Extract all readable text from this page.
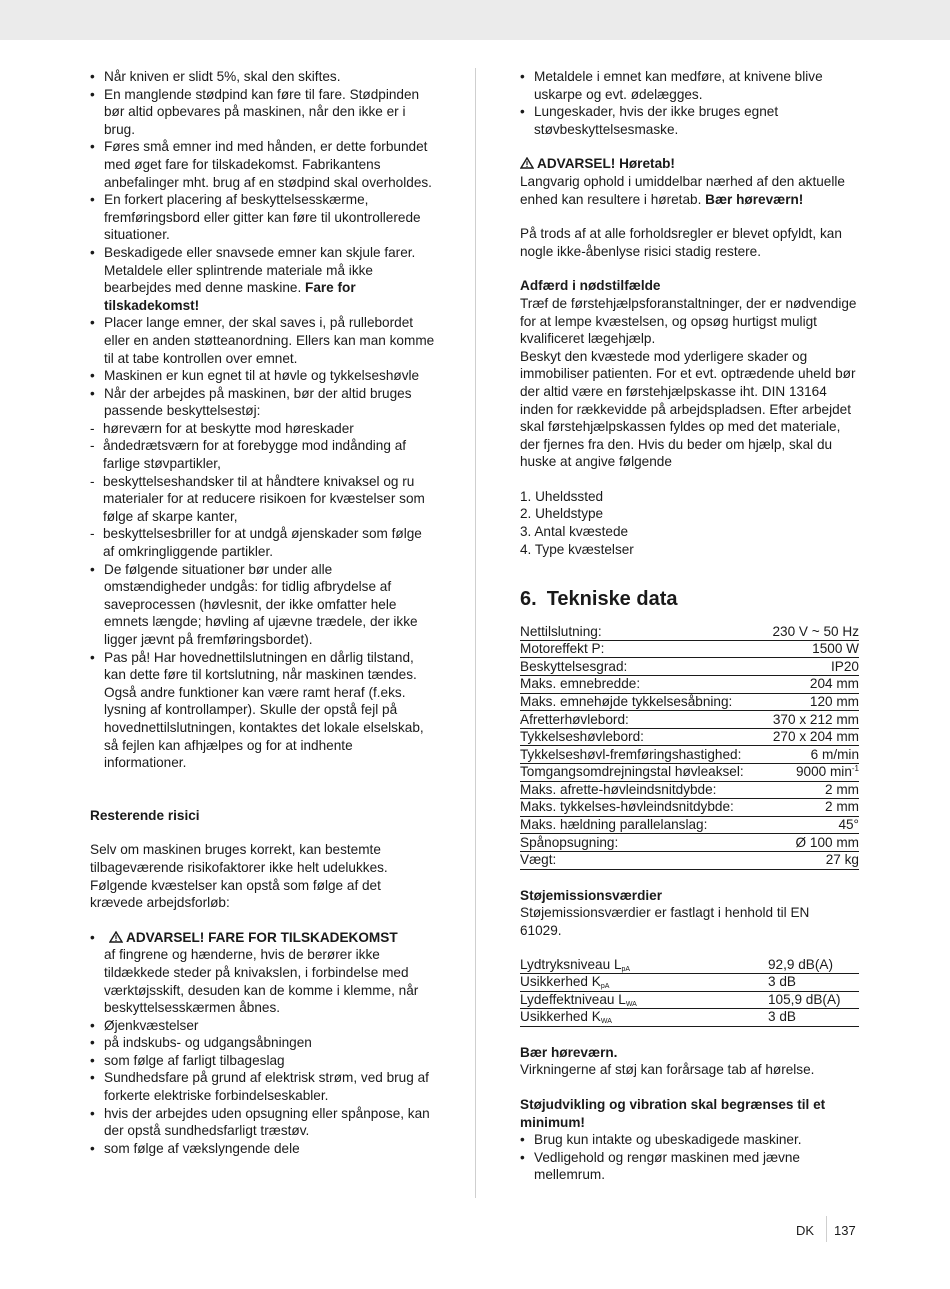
• Når kniven er slidt 5%, skal den skiftes.
• En manglende stødpind kan føre til fare. Stødpinden bør altid opbevares på maskinen, når den ikke er i brug.
• Føres små emner ind med hånden, er dette forbundet med øget fare for tilskadekomst. Fabrikantens anbefalinger mht. brug af en stødpind skal overholdes.
• En forkert placering af beskyttelsesskærme, fremføringsbord eller gitter kan føre til ukontrollerede situationer.
• Beskadigede eller snavsede emner kan skjule farer. Metaldele eller splintrende materiale må ikke bearbejdes med denne maskine. Fare for tilskadekomst!
• Placer lange emner, der skal saves i, på rullebordet eller en anden støtteanordning. Ellers kan man komme til at tabe kontrollen over emnet.
• Maskinen er kun egnet til at høvle og tykkelseshøvle
• Når der arbejdes på maskinen, bør der altid bruges passende beskyttelsestøj:
- høreværn for at beskytte mod høreskader
- åndedrætsværn for at forebygge mod indånding af farlige støvpartikler,
- beskyttelseshandsker til at håndtere knivaksel og ru materialer for at reducere risikoen for kvæstelser som følge af skarpe kanter,
- beskyttelsesbriller for at undgå øjenskader som følge af omkringliggende partikler.
• De følgende situationer bør under alle omstændigheder undgås: for tidlig afbrydelse af saveprocessen (høvlesnit, der ikke omfatter hele emnets længde; høvling af ujævne trædele, der ikke ligger jævnt på fremføringsbordet).
• Pas på! Har hovednettilslutningen en dårlig tilstand, kan dette føre til kortslutning, når maskinen tændes. Også andre funktioner kan være ramt heraf (f.eks. lysning af kontrollamper). Skulle der opstå fejl på hovednettilslutningen, kontaktes det lokale elselskab, så fejlen kan afhjælpes og for at indhente informationer.

Resterende risici

Selv om maskinen bruges korrekt, kan bestemte tilbageværende risikofaktorer ikke helt udelukkes. Følgende kvæstelser kan opstå som følge af det krævede arbejdsforløb:

• ADVARSEL! FARE FOR TILSKADEKOMST
af fingrene og hænderne, hvis de berører ikke tildækkede steder på knivakslen, i forbindelse med værktøjsskift, desuden kan de komme i klemme, når beskyttelsesskærmen åbnes.
• Øjenkvæstelser
• på indskubs- og udgangsåbningen
• som følge af farligt tilbageslag
• Sundhedsfare på grund af elektrisk strøm, ved brug af forkerte elektriske forbindelseskabler.
• hvis der arbejdes uden opsugning eller spånpose, kan der opstå sundhedsfarligt træstøv.
• som følge af vækslyngende dele
• Metaldele i emnet kan medføre, at knivene blive uskarpe og evt. ødelægges.
• Lungeskader, hvis der ikke bruges egnet støvbeskyttelsesmaske.

ADVARSEL! Høretab!

Langvarig ophold i umiddelbar nærhed af den aktuelle enhed kan resultere i høretab. Bær høreværn!

På trods af at alle forholdsregler er blevet opfyldt, kan nogle ikke-åbenlyse risici stadig restere.

Adfærd i nødstilfælde

Træf de førstehjælpsforanstaltninger, der er nødvendige for at lempe kvæstelsen, og opsøg hurtigst muligt kvalificeret lægehjælp.

Beskyt den kvæstede mod yderligere skader og immobiliser patienten. For et evt. optrædende uheld bør der altid være en førstehjælpskasse iht. DIN 13164 inden for rækkevidde på arbejdspladsen. Efter arbejdet skal førstehjælpskassen fyldes op med det materiale, der fjernes fra den. Hvis du beder om hjælp, skal du huske at angive følgende

1. Uheldssted

2. Uheldstype

3. Antal kvæstede

4. Type kvæstelser

6. Tekniske data

Nettilslutning:	230 V ~ 50 Hz
Motoreffekt P:	1500 W
Beskyttelsesgrad:	IP20
Maks. emnebredde:	204 mm
Maks. emnehøjde tykkelsesåbning:	120 mm
Afretterhøvlebord:	370 x 212 mm
Tykkelseshøvlebord:	270 x 204 mm
Tykkelseshøvl-fremføringshastighed:	6 m/min
Tomgangsomdrejningstal høvleaksel:	9000 $\min^{-1}$
Maks. afrette-høvleindsnitdybde:	2 mm
Maks. tykkelses-høvleindsnitdybde:	2 mm
Maks. hældning parallelanslag:	45°
Spånopsugning:	Ø 100 mm
Vægt:	27 kg

Støjemissionsværdier

Støjemissionsværdier er fastlagt i henhold til EN 61029.

Lydtryksniveau $L_{pA}$	92,9 dB(A)
Usikkerhed $K_{pA}$	3 dB
Lydeffektniveau $L_{WA}$	105,9 dB(A)
Usikkerhed $K_{WA}$	3 dB

Bær høreværn.

Virkningerne af støj kan forårsage tab af hørelse.

Støjudvikling og vibration skal begrænses til et minimum!

• Brug kun intakte og ubeskadigede maskiner.
• Vedligehold og rengør maskinen med jævne mellemrum.
DK 137
